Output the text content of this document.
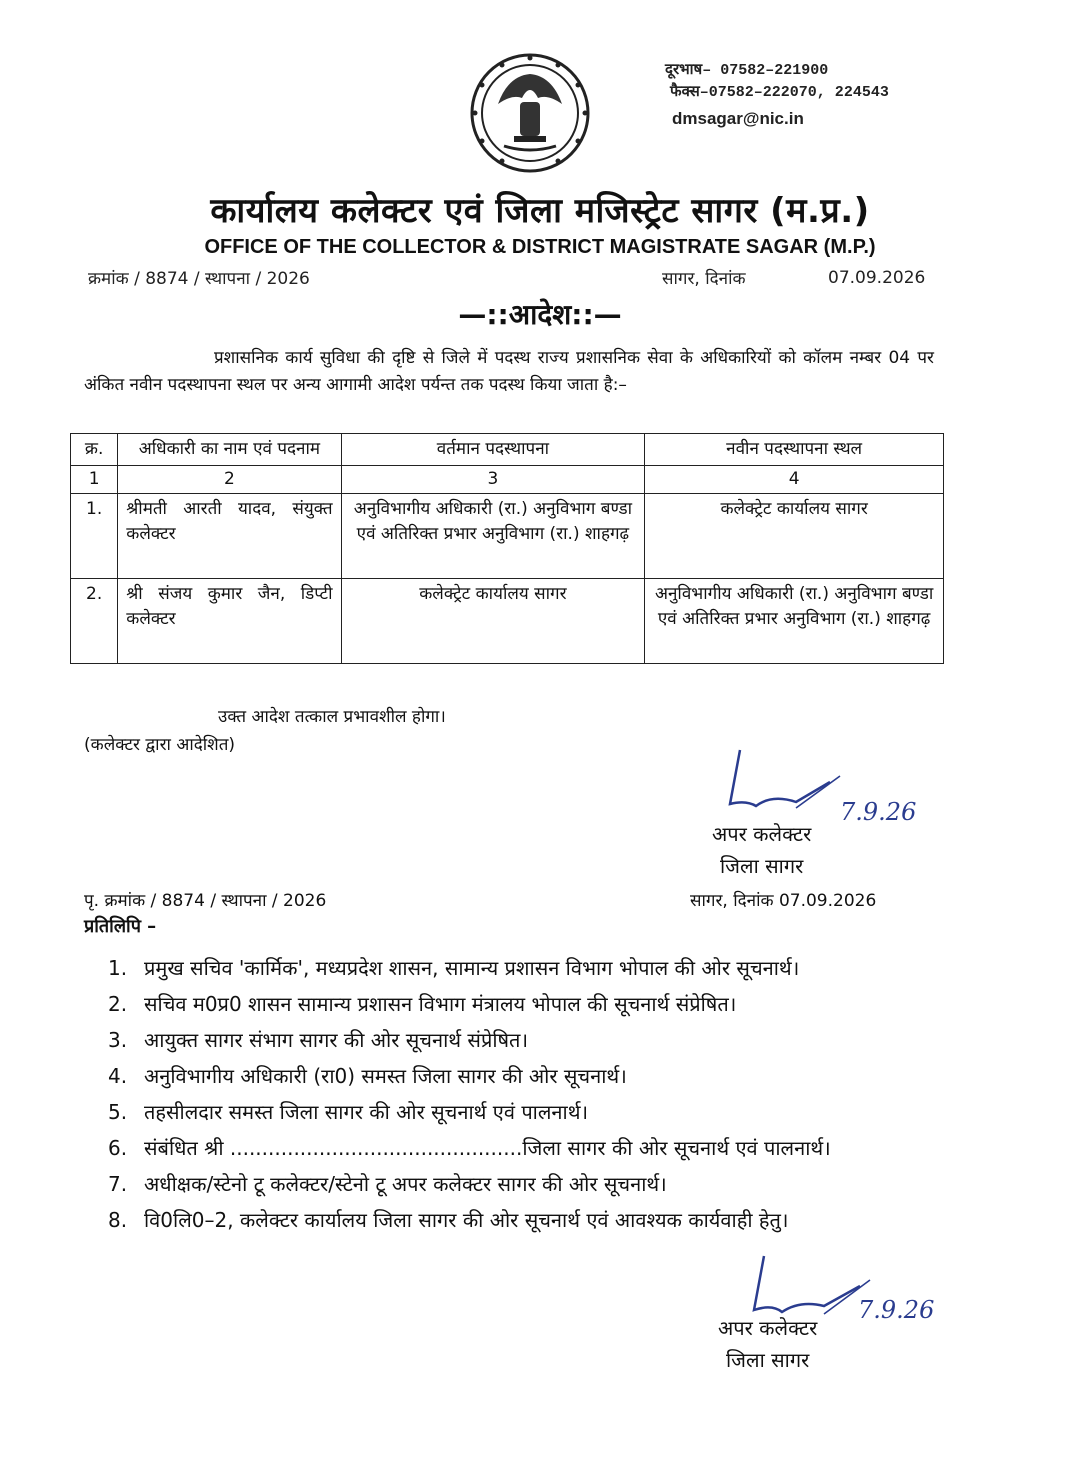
दूरभाष– 07582–221900
फैक्स–07582–222070, 224543
dmsagar@nic.in
कार्यालय कलेक्टर एवं जिला मजिस्ट्रेट सागर (म.प्र.)
OFFICE OF THE COLLECTOR & DISTRICT MAGISTRATE SAGAR (M.P.)
क्रमांक / 8874 / स्थापना / 2026	सागर, दिनांक	07.09.2026
—::आदेश::—
प्रशासनिक कार्य सुविधा की दृष्टि से जिले में पदस्थ राज्य प्रशासनिक सेवा के अधिकारियों को कॉलम नम्बर 04 पर अंकित नवीन पदस्थापना स्थल पर अन्य आगामी आदेश पर्यन्त तक पदस्थ किया जाता है:–
क्र.	अधिकारी का नाम एवं पदनाम	वर्तमान पदस्थापना	नवीन पदस्थापना स्थल
1	2	3	4
1.	श्रीमती आरती यादव, संयुक्त कलेक्टर	अनुविभागीय अधिकारी (रा.) अनुविभाग बण्डा एवं अतिरिक्त प्रभार अनुविभाग (रा.) शाहगढ़	कलेक्ट्रेट कार्यालय सागर
2.	श्री संजय कुमार जैन, डिप्टी कलेक्टर	कलेक्ट्रेट कार्यालय सागर	अनुविभागीय अधिकारी (रा.) अनुविभाग बण्डा एवं अतिरिक्त प्रभार अनुविभाग (रा.) शाहगढ़
उक्त आदेश तत्काल प्रभावशील होगा।
(कलेक्टर द्वारा आदेशित)
7.9.26
अपर कलेक्टर
जिला सागर
पृ. क्रमांक / 8874 / स्थापना / 2026	सागर, दिनांक 07.09.2026
प्रतिलिपि –
1. प्रमुख सचिव 'कार्मिक', मध्यप्रदेश शासन, सामान्य प्रशासन विभाग भोपाल की ओर सूचनार्थ।
2. सचिव म0प्र0 शासन सामान्य प्रशासन विभाग मंत्रालय भोपाल की सूचनार्थ संप्रेषित।
3. आयुक्त सागर संभाग सागर की ओर सूचनार्थ संप्रेषित।
4. अनुविभागीय अधिकारी (रा0) समस्त जिला सागर की ओर सूचनार्थ।
5. तहसीलदार समस्त जिला सागर की ओर सूचनार्थ एवं पालनार्थ।
6. संबंधित श्री ..............................................जिला सागर की ओर सूचनार्थ एवं पालनार्थ।
7. अधीक्षक/स्टेनो टू कलेक्टर/स्टेनो टू अपर कलेक्टर सागर की ओर सूचनार्थ।
8. वि0लि0–2, कलेक्टर कार्यालय जिला सागर की ओर सूचनार्थ एवं आवश्यक कार्यवाही हेतु।
7.9.26
अपर कलेक्टर
जिला सागर
